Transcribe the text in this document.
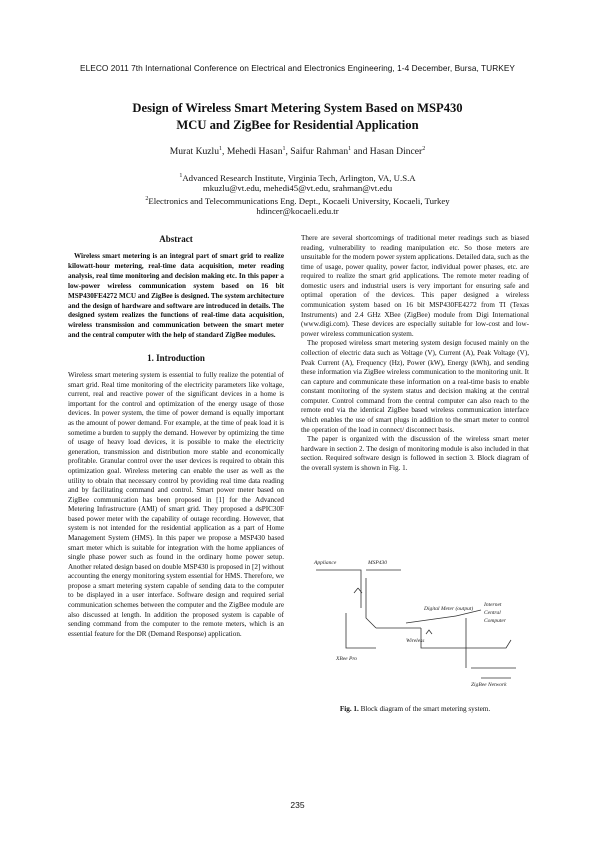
ELECO 2011 7th International Conference on Electrical and Electronics Engineering, 1-4 December, Bursa, TURKEY
Design of Wireless Smart Metering System Based on MSP430
MCU and ZigBee for Residential Application
Murat Kuzlu$^1$, Mehedi Hasan$^1$, Saifur Rahman$^1$ and Hasan Dincer$^2$
$^1$Advanced Research Institute, Virginia Tech, Arlington, VA, U.S.A
mkuzlu@vt.edu, mehedi45@vt.edu, srahman@vt.edu
$^2$Electronics and Telecommunications Eng. Dept., Kocaeli University, Kocaeli, Turkey
hdincer@kocaeli.edu.tr
Abstract
Wireless smart metering is an integral part of smart grid to realize kilowatt-hour metering, real-time data acquisition, meter reading analysis, real time monitoring and decision making etc. In this paper a low-power wireless communication system based on 16 bit MSP430FE4272 MCU and ZigBee is designed. The system architecture and the design of hardware and software are introduced in details. The designed system realizes the functions of real-time data acquisition, wireless transmission and communication between the smart meter and the central computer with the help of standard ZigBee modules.
1. Introduction
Wireless smart metering system is essential to fully realize the potential of smart grid. Real time monitoring of the electricity parameters like voltage, current, real and reactive power of the significant devices in a home is important for the control and optimization of the energy usage of those devices. In power system, the time of power demand is equally important as the amount of power demand. For example, at the time of peak load it is sometime a burden to supply the demand. However by optimizing the time of usage of heavy load devices, it is possible to make the electricity generation, transmission and distribution more stable and economically profitable. Granular control over the user devices is required to obtain this optimization goal. Wireless metering can enable the user as well as the utility to obtain that necessary control by providing real time data reading and by facilitating command and control. Smart power meter based on ZigBee communication has been proposed in [1] for the Advanced Metering Infrastructure (AMI) of smart grid. They proposed a dsPIC30F based power meter with the capability of outage recording. However, that system is not intended for the residential application as a part of Home Management System (HMS). In this paper we propose a MSP430 based smart meter which is suitable for integration with the home appliances of single phase power such as found in the ordinary home power setup. Another related design based on double MSP430 is proposed in [2] without accounting the energy monitoring system essential for HMS. Therefore, we propose a smart metering system capable of sending data to the computer to be displayed in a user interface. Software design and required serial communication schemes between the computer and the ZigBee module are also discussed at length. In addition the proposed system is capable of sending command from the computer to the remote meters, which is an essential feature for the DR (Demand Response) application.
There are several shortcomings of traditional meter readings such as biased reading, vulnerability to reading manipulation etc. So those meters are unsuitable for the modern power system applications. Detailed data, such as the time of usage, power quality, power factor, individual power phases, etc. are required to realize the smart grid applications. The remote meter reading of domestic users and industrial users is very important for ensuring safe and optimal operation of the devices. This paper designed a wireless communication system based on 16 bit MSP430FE4272 from TI (Texas Instruments) and 2.4 GHz XBee (ZigBee) module from Digi International (www.digi.com). These devices are especially suitable for low-cost and low-power wireless communication system.
The proposed wireless smart metering system design focused mainly on the collection of electric data such as Voltage (V), Current (A), Peak Voltage (V), Peak Current (A), Frequency (Hz), Power (kW), Energy (kWh), and sending these information via ZigBee wireless communication to the monitoring unit. It can capture and communicate these information on a real-time basis to enable constant monitoring of the system status and decision making at the central computer. Control command from the central computer can also reach to the remote end via the identical ZigBee based wireless communication interface which enables the use of smart plugs in addition to the smart meter to control the operation of the load in connect/ disconnect basis.
The paper is organized with the discussion of the wireless smart meter hardware in section 2. The design of monitoring module is also included in that section. Required software design is followed in section 3. Block diagram of the overall system is shown in Fig. 1.
Appliance	MSP430
Digital Meter (output)
Internet
Central
Computer
XBee Pro
Wireless
ZigBee Network
Fig. 1. Block diagram of the smart metering system.
235
